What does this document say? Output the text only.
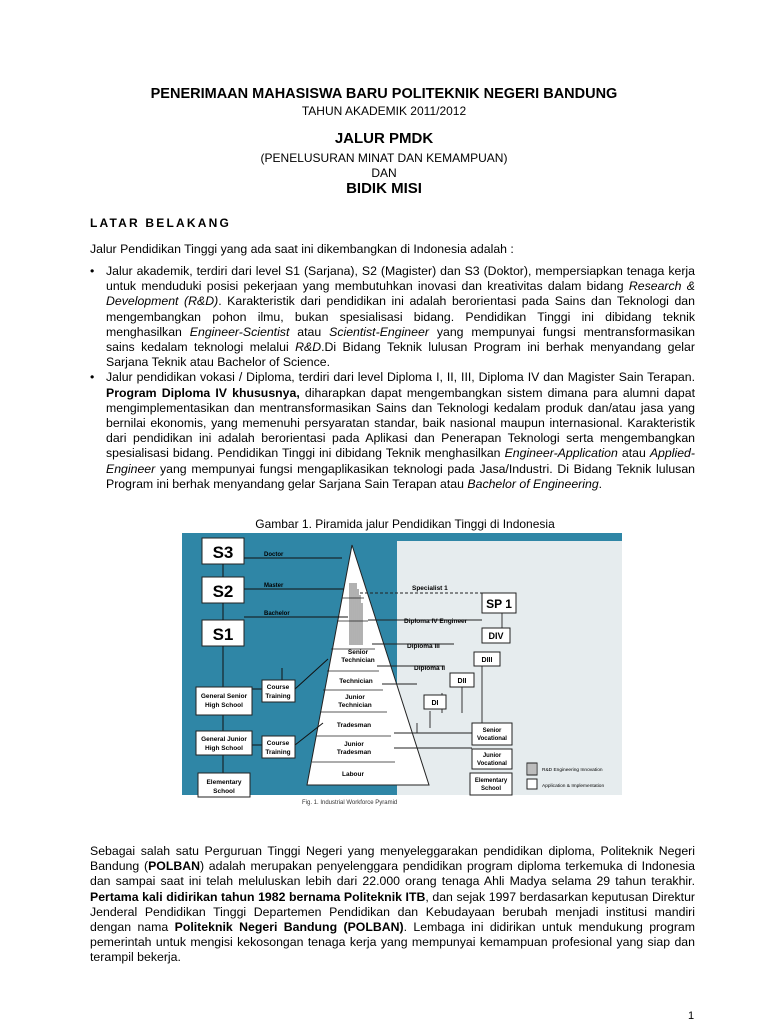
PENERIMAAN MAHASISWA BARU POLITEKNIK NEGERI BANDUNG
TAHUN AKADEMIK 2011/2012
JALUR PMDK
(PENELUSURAN MINAT DAN KEMAMPUAN)
DAN
BIDIK MISI
LATAR BELAKANG
Jalur Pendidikan Tinggi yang ada saat ini dikembangkan di Indonesia adalah :
• Jalur akademik, terdiri dari level S1 (Sarjana), S2 (Magister) dan S3 (Doktor), mempersiapkan tenaga kerja untuk menduduki posisi pekerjaan yang membutuhkan inovasi dan kreativitas dalam bidang Research & Development (R&D). Karakteristik dari pendidikan ini adalah berorientasi pada Sains dan Teknologi dan mengembangkan pohon ilmu, bukan spesialisasi bidang. Pendidikan Tinggi ini dibidang teknik menghasilkan Engineer-Scientist atau Scientist-Engineer yang mempunyai fungsi mentransformasikan sains kedalam teknologi melalui R&D.Di Bidang Teknik lulusan Program ini berhak menyandang gelar Sarjana Teknik atau Bachelor of Science.
• Jalur pendidikan vokasi / Diploma, terdiri dari level Diploma I, II, III, Diploma IV dan Magister Sain Terapan. Program Diploma IV khususnya, diharapkan dapat mengembangkan sistem dimana para alumni dapat mengimplementasikan dan mentransformasikan Sains dan Teknologi kedalam produk dan/atau jasa yang bernilai ekonomis, yang memenuhi persyaratan standar, baik nasional maupun internasional. Karakteristik dari pendidikan ini adalah berorientasi pada Aplikasi dan Penerapan Teknologi serta mengembangkan spesialisasi bidang. Pendidikan Tinggi ini dibidang Teknik menghasilkan Engineer-Application atau Applied-Engineer yang mempunyai fungsi mengaplikasikan teknologi pada Jasa/Industri. Di Bidang Teknik lulusan Program ini berhak menyandang gelar Sarjana Sain Terapan atau Bachelor of Engineering.
Gambar 1. Piramida jalur Pendidikan Tinggi di Indonesia
Fig. 1. Industrial Workforce Pyramid
Senior
Technician
Technician
Junior
Technician
Tradesman
Junior
Tradesman
Labour
S3
S2
S1
Doctor
Master
Bachelor
General Senior
High School
General Junior
High School
Elementary
School
Course
Training
Course
Training
Specialist 1
SP 1
Diploma IV Engineer
DIV
Diploma III
DIII
Diploma II
DII
DI
Senior
Vocational
Junior
Vocational
Elementary
School
R&D Engineering Innovation
Application & Implementation
Sebagai salah satu Perguruan Tinggi Negeri yang menyeleggarakan pendidikan diploma, Politeknik Negeri Bandung (POLBAN) adalah merupakan penyelenggara pendidikan program diploma terkemuka di Indonesia dan sampai saat ini telah meluluskan lebih dari 22.000 orang tenaga Ahli Madya selama 29 tahun terakhir. Pertama kali didirikan tahun 1982 bernama Politeknik ITB, dan sejak 1997 berdasarkan keputusan Direktur Jenderal Pendidikan Tinggi Departemen Pendidikan dan Kebudayaan berubah menjadi institusi mandiri dengan nama Politeknik Negeri Bandung (POLBAN). Lembaga ini didirikan untuk mendukung program pemerintah untuk mengisi kekosongan tenaga kerja yang mempunyai kemampuan profesional yang siap dan terampil bekerja.
1
